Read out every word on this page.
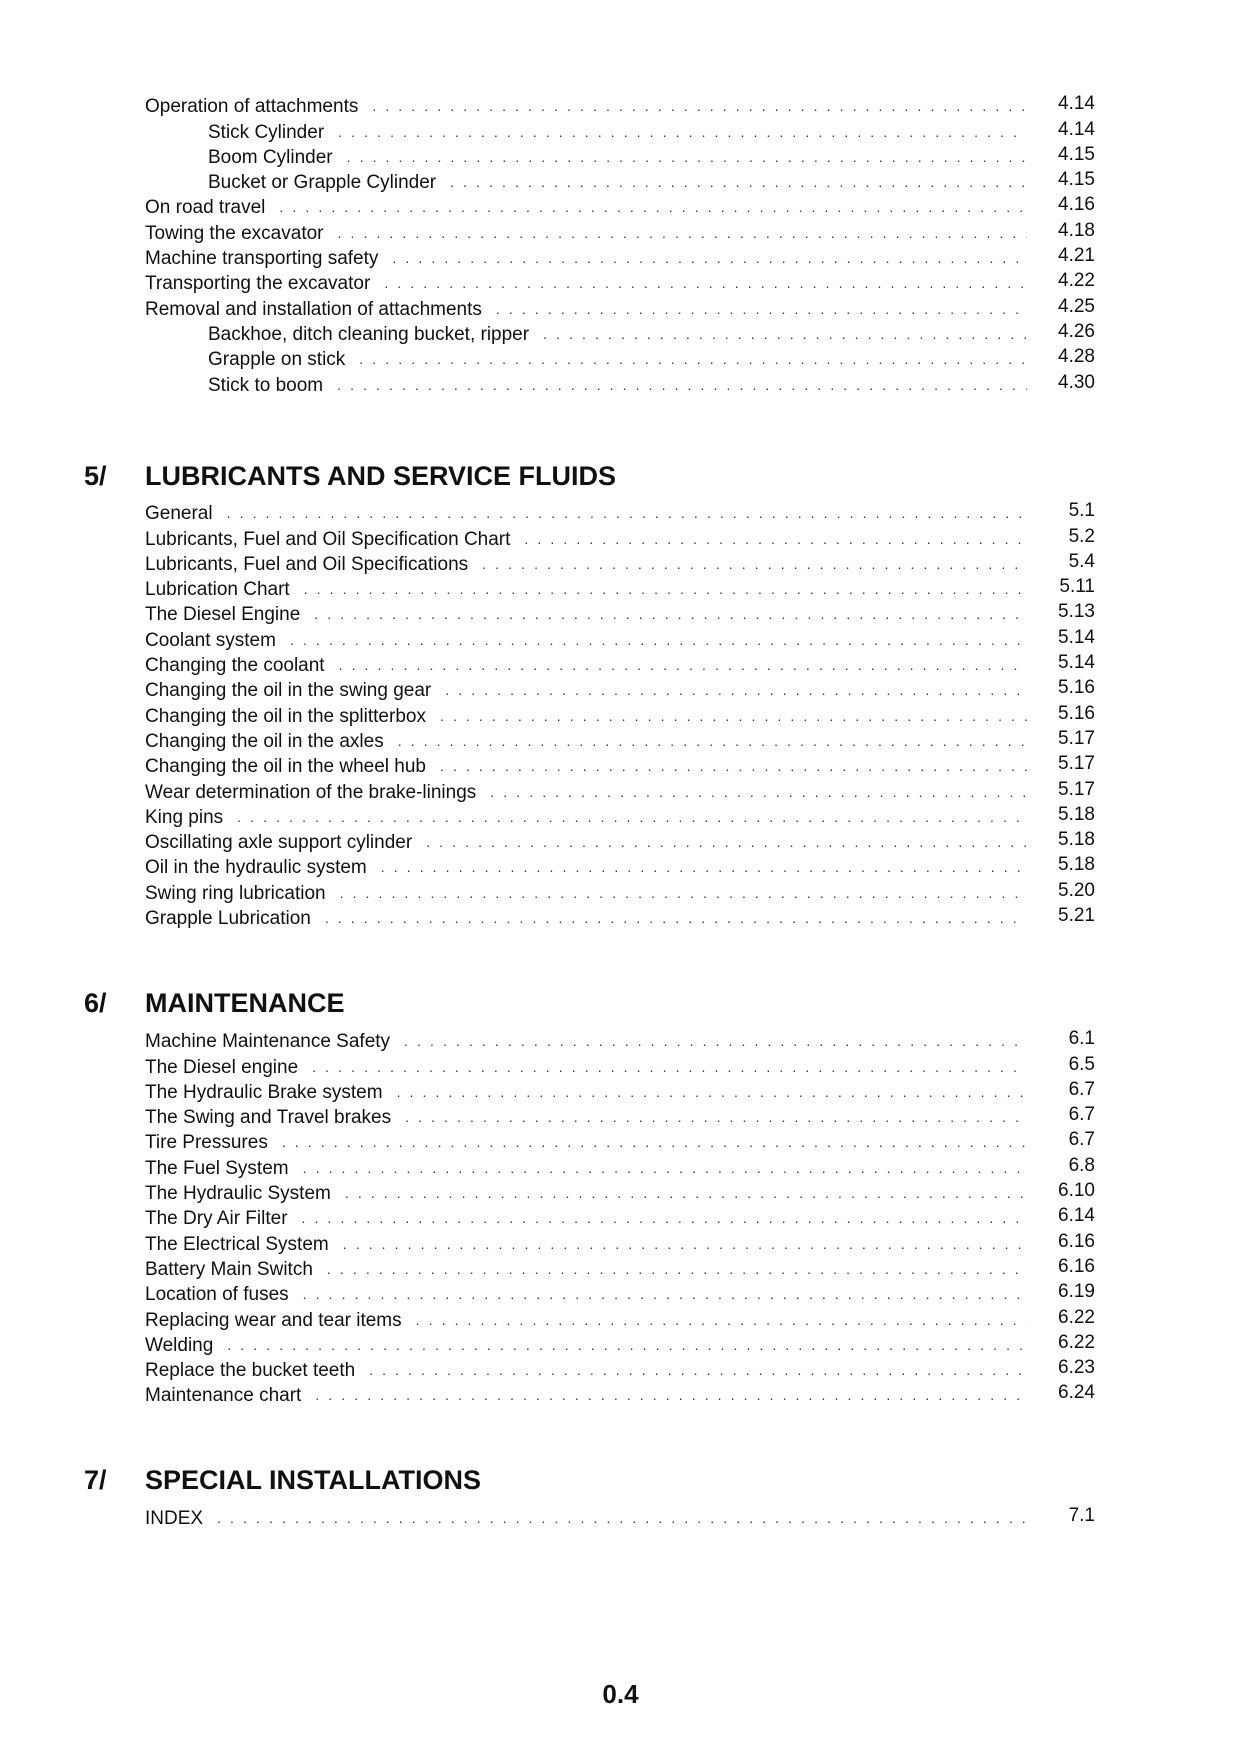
Operation of attachments . . .	4.14
Stick Cylinder . . .	4.14
Boom Cylinder . . .	4.15
Bucket or Grapple Cylinder . . .	4.15
On road travel . . .	4.16
Towing the excavator . . .	4.18
Machine transporting safety . . .	4.21
Transporting the excavator . . .	4.22
Removal and installation of attachments . . .	4.25
Backhoe, ditch cleaning bucket, ripper . . .	4.26
Grapple on stick . . .	4.28
Stick to boom . . .	4.30
5/ LUBRICANTS AND SERVICE FLUIDS
General . . .	5.1
Lubricants, Fuel and Oil Specification Chart . . .	5.2
Lubricants, Fuel and Oil Specifications . . .	5.4
Lubrication Chart . . .	5.11
The Diesel Engine . . .	5.13
Coolant system . . .	5.14
Changing the coolant . . .	5.14
Changing the oil in the swing gear . . .	5.16
Changing the oil in the splitterbox . . .	5.16
Changing the oil in the axles . . .	5.17
Changing the oil in the wheel hub . . .	5.17
Wear determination of the brake-linings . . .	5.17
King pins . . .	5.18
Oscillating axle support cylinder . . .	5.18
Oil in the hydraulic system . . .	5.18
Swing ring lubrication . . .	5.20
Grapple Lubrication . . .	5.21
6/ MAINTENANCE
Machine Maintenance Safety . . .	6.1
The Diesel engine . . .	6.5
The Hydraulic Brake system . . .	6.7
The Swing and Travel brakes . . .	6.7
Tire Pressures . . .	6.7
The Fuel System . . .	6.8
The Hydraulic System . . .	6.10
The Dry Air Filter . . .	6.14
The Electrical System . . .	6.16
Battery Main Switch . . .	6.16
Location of fuses . . .	6.19
Replacing wear and tear items . . .	6.22
Welding . . .	6.22
Replace the bucket teeth . . .	6.23
Maintenance chart . . .	6.24
7/ SPECIAL INSTALLATIONS
INDEX . . .	7.1
0.4
